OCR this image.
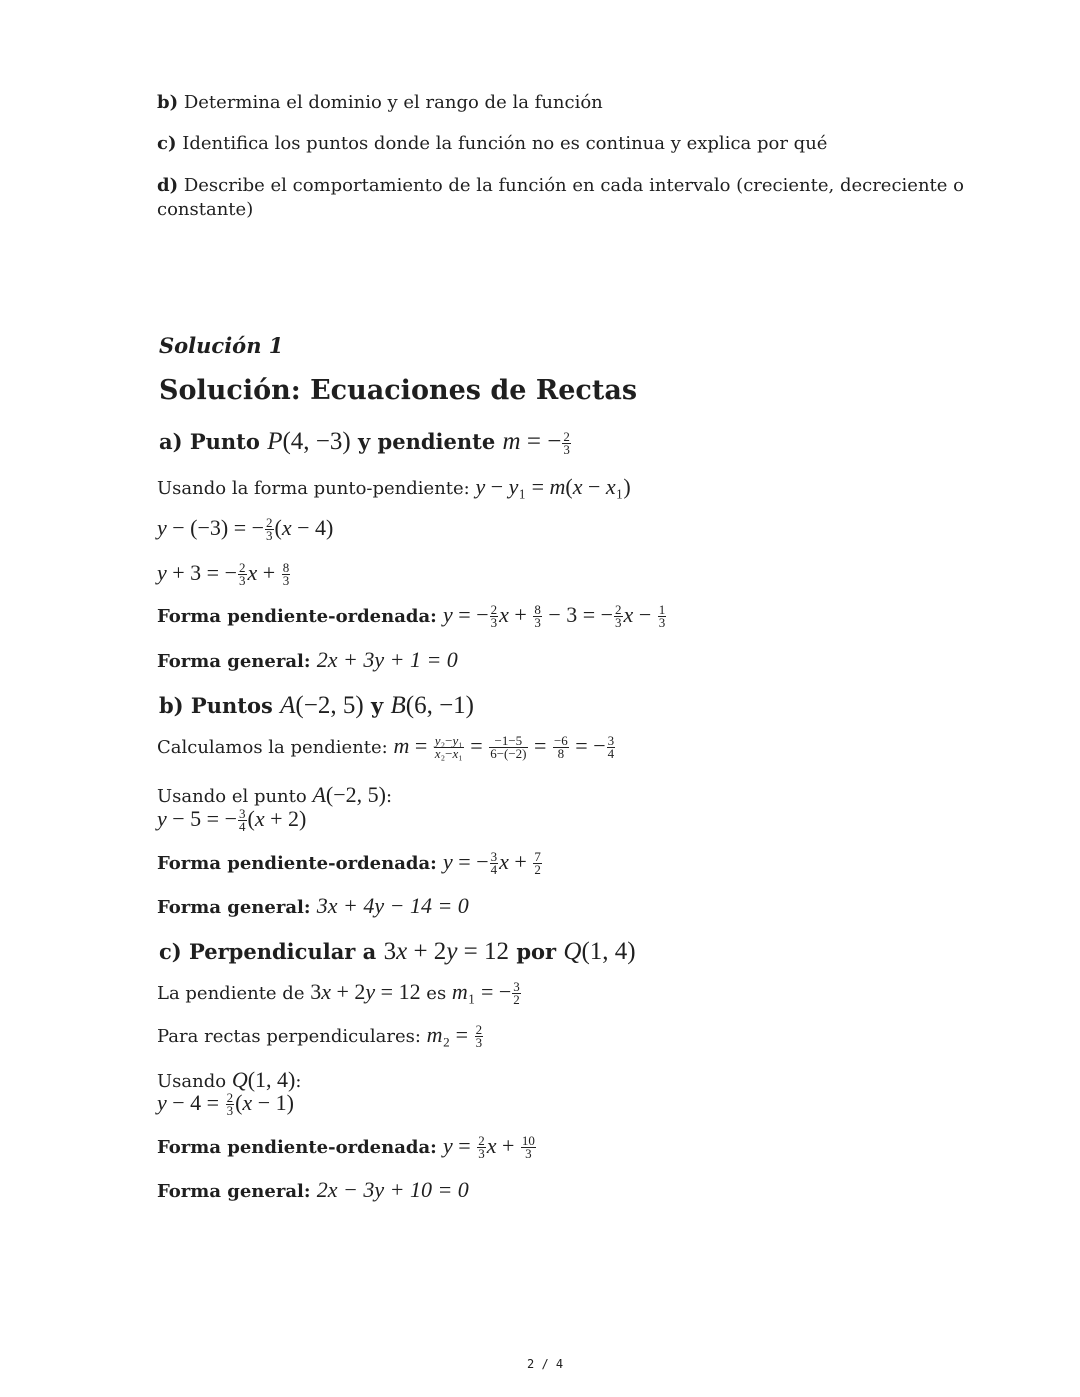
b) Determina el dominio y el rango de la función
c) Identifica los puntos donde la función no es continua y explica por qué
d) Describe el comportamiento de la función en cada intervalo (creciente, decreciente o
constante)
Solución 1
Solución: Ecuaciones de Rectas
a) Punto P(4, −3) y pendiente m = − $\frac{2}{3}$
Usando la forma punto-pendiente: y − y₁ = m(x − x₁)
y − (−3) = − $\frac{2}{3} (x - 4)$
y + 3 = − $\frac{2}{3}$ $x + \frac{8}{3}$
Forma pendiente-ordenada: y = − $\frac{2}{3}$ $x + \frac{8}{3} - 3$ = − $\frac{2}{3}$ $x - \frac{1}{3}$
Forma general: 2x + 3y + 1 = 0
b) Puntos A(−2, 5) y B(6, −1)
Calculamos la pendiente: $m = \frac{\text{y₂−y₁}}{\text{x₂−x₁}} = \frac{-1-5}{6-(-2)} = \frac{-6}{8}$ = − $\frac{3}{4}$
Usando el punto A(−2, 5):
y − 5 = − $\frac{3}{4} (x + 2)$
Forma pendiente-ordenada: y = − $\frac{3}{4}$ $x + \frac{7}{2}$
Forma general: 3x + 4y − 14 = 0
c) Perpendicular a 3x + 2y = 12 por Q(1, 4)
La pendiente de 3x + 2y = 12 es m₁ = − $\frac{3}{2}$
Para rectas perpendiculares: $m_2 = \frac{2}{3}$
Usando Q(1, 4):
$y - 4 = \frac{2}{3} (x - 1)$
Forma pendiente-ordenada: $y = \frac{2}{3}$ $x + \frac{10}{3}$
Forma general: 2x − 3y + 10 = 0
2 / 4
